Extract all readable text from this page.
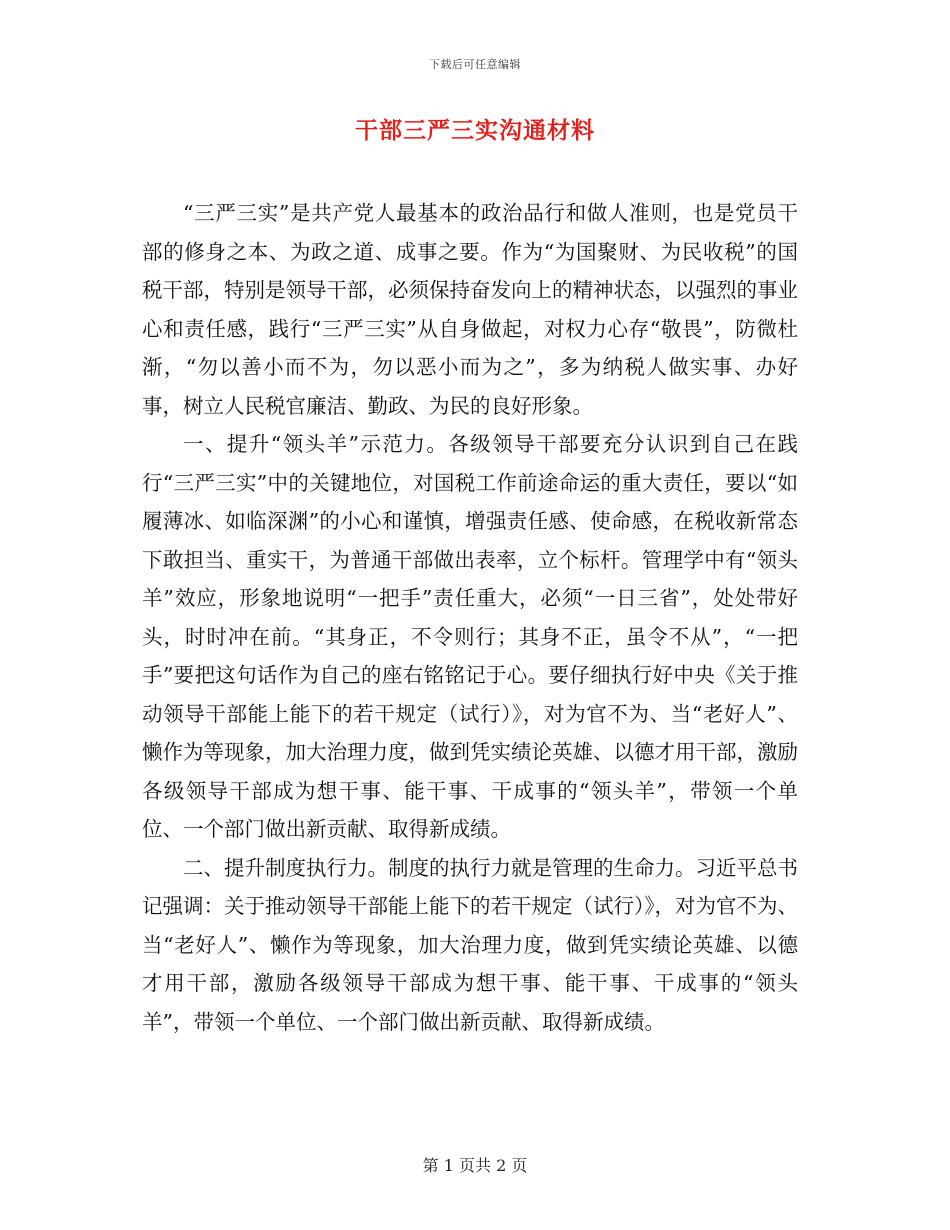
下载后可任意编辑
干部三严三实沟通材料

“三严三实”是共产党人最基本的政治品行和做人准则，也是党员干部的修身之本、为政之道、成事之要。作为“为国聚财、为民收税”的国税干部，特别是领导干部，必须保持奋发向上的精神状态，以强烈的事业心和责任感，践行“三严三实”从自身做起，对权力心存“敬畏”，防微杜渐，“勿以善小而不为，勿以恶小而为之”，多为纳税人做实事、办好事，树立人民税官廉洁、勤政、为民的良好形象。

一、提升“领头羊”示范力。各级领导干部要充分认识到自己在践行“三严三实”中的关键地位，对国税工作前途命运的重大责任，要以“如履薄冰、如临深渊”的小心和谨慎，增强责任感、使命感，在税收新常态下敢担当、重实干，为普通干部做出表率，立个标杆。管理学中有“领头羊”效应，形象地说明“一把手”责任重大，必须“一日三省”，处处带好头，时时冲在前。“其身正，不令则行；其身不正，虽令不从”，“一把手”要把这句话作为自己的座右铭铭记于心。要仔细执行好中央《关于推动领导干部能上能下的若干规定（试行）》，对为官不为、当“老好人”、懒作为等现象，加大治理力度，做到凭实绩论英雄、以德才用干部，激励各级领导干部成为想干事、能干事、干成事的“领头羊”，带领一个单位、一个部门做出新贡献、取得新成绩。

二、提升制度执行力。制度的执行力就是管理的生命力。习近平总书记强调：关于推动领导干部能上能下的若干规定（试行）》，对为官不为、当“老好人”、懒作为等现象，加大治理力度，做到凭实绩论英雄、以德才用干部，激励各级领导干部成为想干事、能干事、干成事的“领头羊”，带领一个单位、一个部门做出新贡献、取得新成绩。

第 1 页共 2 页
